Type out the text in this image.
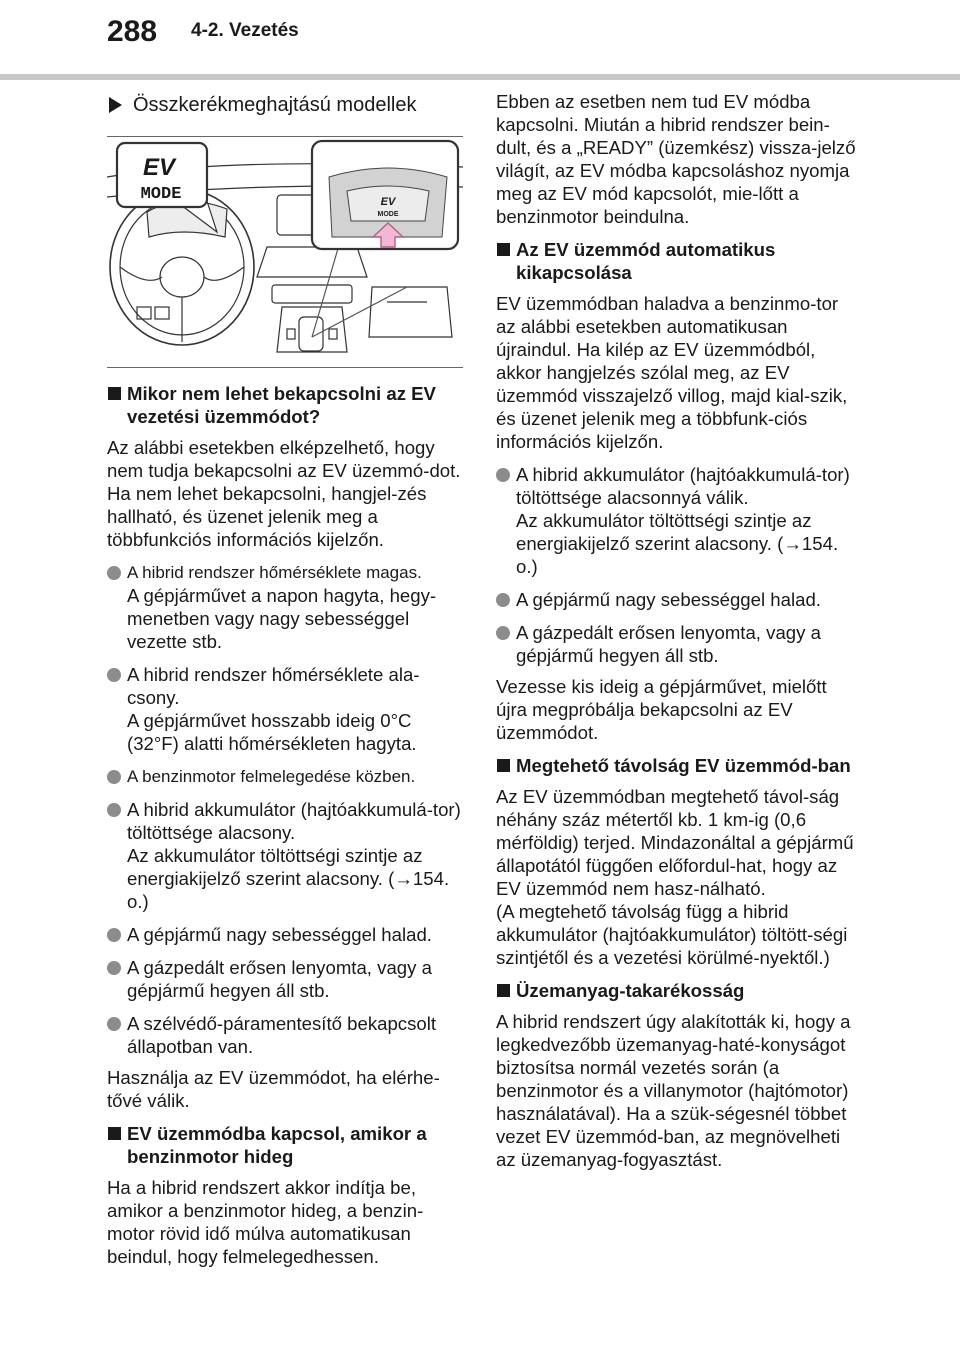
288 4-2. Vezetés
Összkerékmeghajtású modellek
EV
MODE	EV
MODE
Mikor nem lehet bekapcsolni az EV vezetési üzemmódot?
Az alábbi esetekben elképzelhető, hogy nem tudja bekapcsolni az EV üzemmó-dot. Ha nem lehet bekapcsolni, hangjel-zés hallható, és üzenet jelenik meg a többfunkciós információs kijelzőn.
A hibrid rendszer hőmérséklete magas.
A gépjárművet a napon hagyta, hegy-menetben vagy nagy sebességgel vezette stb.
A hibrid rendszer hőmérséklete ala-csony.
A gépjárművet hosszabb ideig 0°C (32°F) alatti hőmérsékleten hagyta.
A benzinmotor felmelegedése közben.
A hibrid akkumulátor (hajtóakkumulá-tor) töltöttsége alacsony.
Az akkumulátor töltöttségi szintje az energiakijelző szerint alacsony. (→154. o.)
A gépjármű nagy sebességgel halad.
A gázpedált erősen lenyomta, vagy a gépjármű hegyen áll stb.
A szélvédő-páramentesítő bekapcsolt állapotban van.
Használja az EV üzemmódot, ha elérhe-tővé válik.
EV üzemmódba kapcsol, amikor a benzinmotor hideg
Ha a hibrid rendszert akkor indítja be, amikor a benzinmotor hideg, a benzin-motor rövid idő múlva automatikusan beindul, hogy felmelegedhessen.
Ebben az esetben nem tud EV módba kapcsolni. Miután a hibrid rendszer bein-dult, és a „READY” (üzemkész) vissza-jelző világít, az EV módba kapcsoláshoz nyomja meg az EV mód kapcsolót, mie-lőtt a benzinmotor beindulna.
Az EV üzemmód automatikus kikapcsolása
EV üzemmódban haladva a benzinmo-tor az alábbi esetekben automatikusan újraindul. Ha kilép az EV üzemmódból, akkor hangjelzés szólal meg, az EV üzemmód visszajelző villog, majd kial-szik, és üzenet jelenik meg a többfunk-ciós információs kijelzőn.
A hibrid akkumulátor (hajtóakkumulá-tor) töltöttsége alacsonnyá válik.
Az akkumulátor töltöttségi szintje az energiakijelző szerint alacsony. (→154. o.)
A gépjármű nagy sebességgel halad.
A gázpedált erősen lenyomta, vagy a gépjármű hegyen áll stb.
Vezesse kis ideig a gépjárművet, mielőtt újra megpróbálja bekapcsolni az EV üzemmódot.
Megtehető távolság EV üzemmód-ban
Az EV üzemmódban megtehető távol-ság néhány száz métertől kb. 1 km-ig (0,6 mérföldig) terjed. Mindazonáltal a gépjármű állapotától függően előfordul-hat, hogy az EV üzemmód nem hasz-nálható.
(A megtehető távolság függ a hibrid akkumulátor (hajtóakkumulátor) töltött-ségi szintjétől és a vezetési körülmé-nyektől.)
Üzemanyag-takarékosság
A hibrid rendszert úgy alakították ki, hogy a legkedvezőbb üzemanyag-haté-konyságot biztosítsa normál vezetés során (a benzinmotor és a villanymotor (hajtómotor) használatával). Ha a szük-ségesnél többet vezet EV üzemmód-ban, az megnövelheti az üzemanyag-fogyasztást.
